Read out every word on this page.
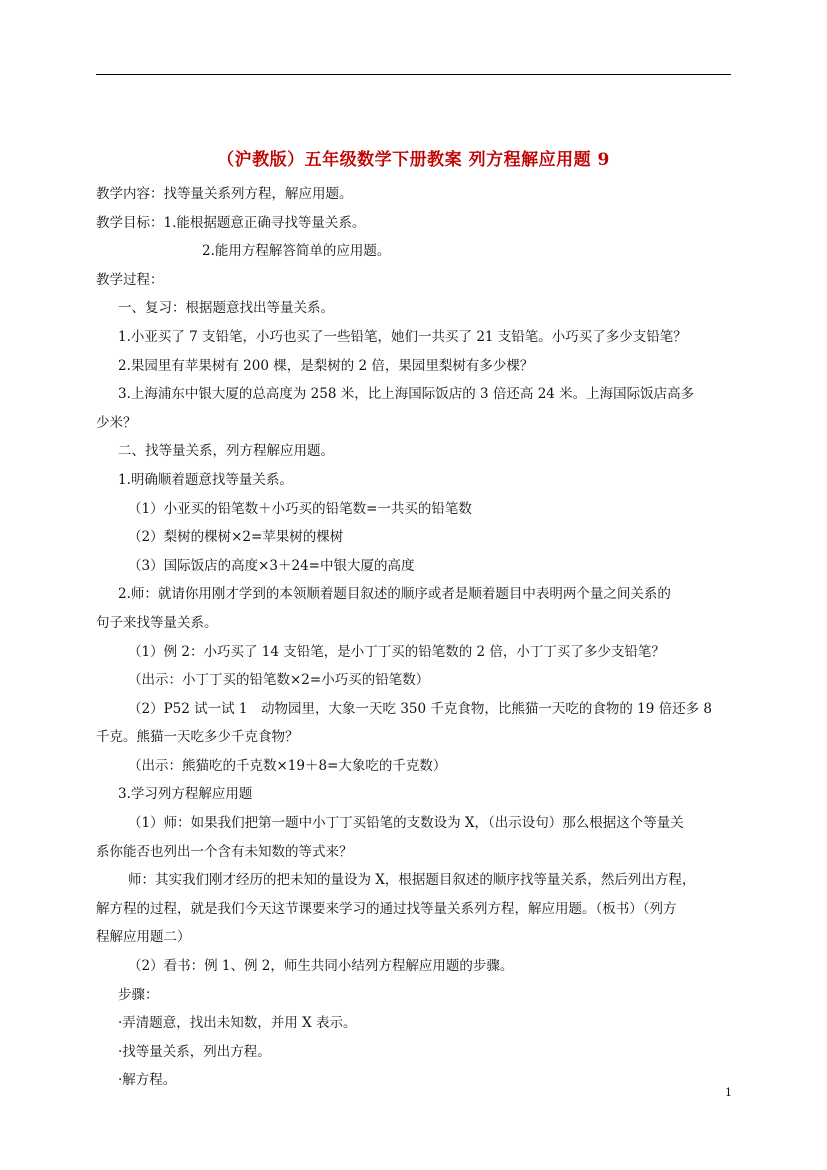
（沪教版）五年级数学下册教案 列方程解应用题 9
教学内容：找等量关系列方程，解应用题。
教学目标：1.能根据题意正确寻找等量关系。
2.能用方程解答简单的应用题。
教学过程：
一、复习：根据题意找出等量关系。
1.小亚买了 7 支铅笔，小巧也买了一些铅笔，她们一共买了 21 支铅笔。小巧买了多少支铅笔？
2.果园里有苹果树有 200 棵，是梨树的 2 倍，果园里梨树有多少棵？
3.上海浦东中银大厦的总高度为 258 米，比上海国际饭店的 3 倍还高 24 米。上海国际饭店高多
少米？
二、找等量关系，列方程解应用题。
1.明确顺着题意找等量关系。
（1）小亚买的铅笔数＋小巧买的铅笔数=一共买的铅笔数
（2）梨树的棵树×2=苹果树的棵树
（3）国际饭店的高度×3＋24=中银大厦的高度
2.师：就请你用刚才学到的本领顺着题目叙述的顺序或者是顺着题目中表明两个量之间关系的
句子来找等量关系。
（1）例 2：小巧买了 14 支铅笔，是小丁丁买的铅笔数的 2 倍，小丁丁买了多少支铅笔？
（出示：小丁丁买的铅笔数×2=小巧买的铅笔数）
（2）P52 试一试 1　动物园里，大象一天吃 350 千克食物，比熊猫一天吃的食物的 19 倍还多 8
千克。熊猫一天吃多少千克食物？
（出示：熊猫吃的千克数×19＋8=大象吃的千克数）
3.学习列方程解应用题
（1）师：如果我们把第一题中小丁丁买铅笔的支数设为 X，（出示设句）那么根据这个等量关
系你能否也列出一个含有未知数的等式来？
师：其实我们刚才经历的把未知的量设为 X，根据题目叙述的顺序找等量关系，然后列出方程，
解方程的过程，就是我们今天这节课要来学习的通过找等量关系列方程，解应用题。（板书）（列方
程解应用题二）
（2）看书：例 1、例 2，师生共同小结列方程解应用题的步骤。
步骤：
·弄清题意，找出未知数，并用 X 表示。
·找等量关系，列出方程。
·解方程。
1
